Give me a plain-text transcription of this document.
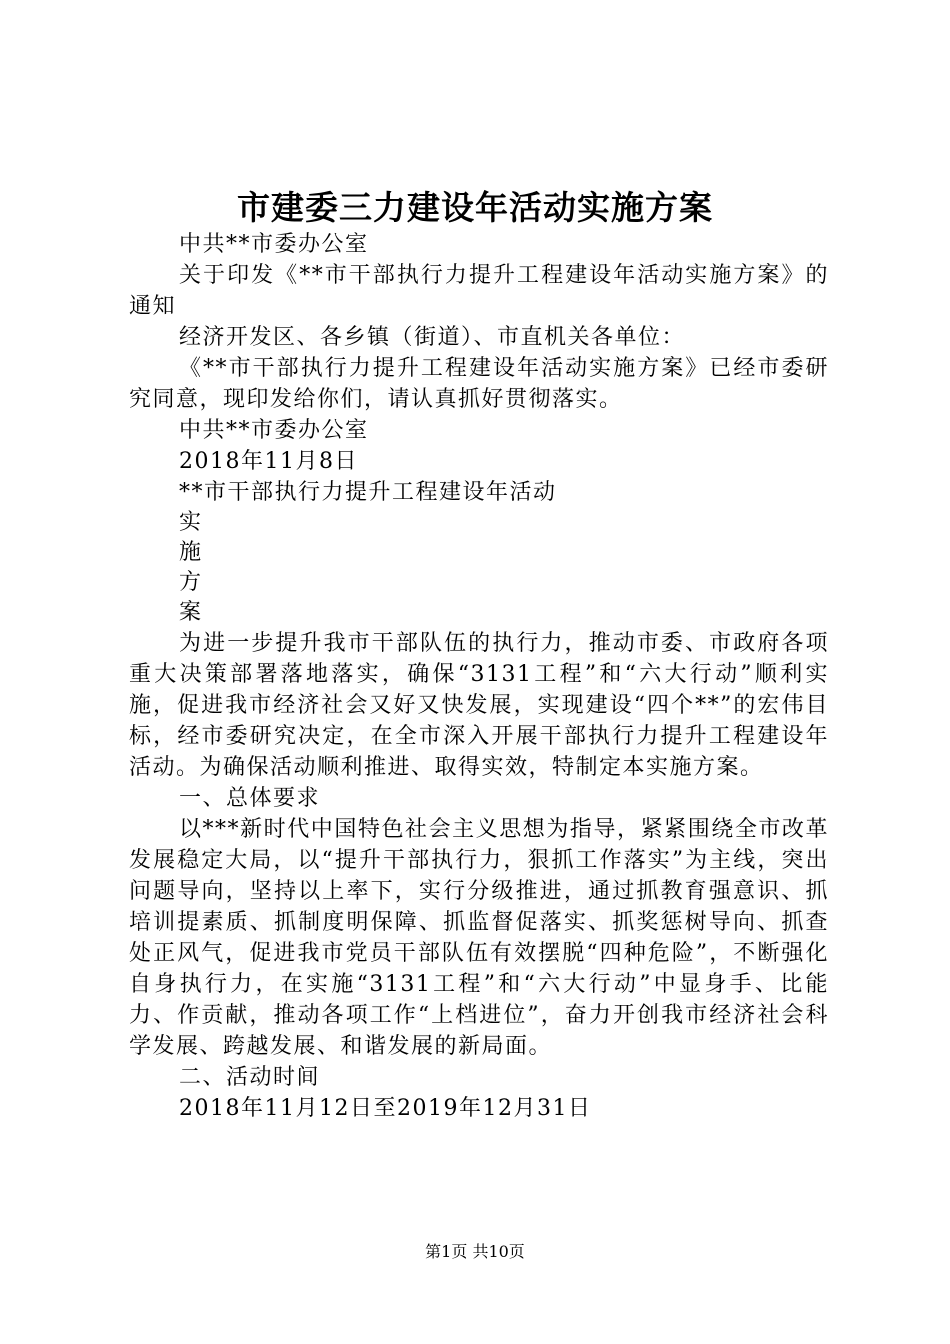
市建委三力建设年活动实施方案

中共**市委办公室

关于印发《**市干部执行力提升工程建设年活动实施方案》的通知

经济开发区、各乡镇（街道）、市直机关各单位：

《**市干部执行力提升工程建设年活动实施方案》已经市委研究同意，现印发给你们，请认真抓好贯彻落实。

中共**市委办公室

2018年11月8日

**市干部执行力提升工程建设年活动

实

施

方

案

为进一步提升我市干部队伍的执行力，推动市委、市政府各项重大决策部署落地落实，确保“3131工程”和“六大行动”顺利实施，促进我市经济社会又好又快发展，实现建设“四个**”的宏伟目标，经市委研究决定，在全市深入开展干部执行力提升工程建设年活动。为确保活动顺利推进、取得实效，特制定本实施方案。

一、总体要求

以***新时代中国特色社会主义思想为指导，紧紧围绕全市改革发展稳定大局，以“提升干部执行力，狠抓工作落实”为主线，突出问题导向，坚持以上率下，实行分级推进，通过抓教育强意识、抓培训提素质、抓制度明保障、抓监督促落实、抓奖惩树导向、抓查处正风气，促进我市党员干部队伍有效摆脱“四种危险”，不断强化自身执行力，在实施“3131工程”和“六大行动”中显身手、比能力、作贡献，推动各项工作“上档进位”，奋力开创我市经济社会科学发展、跨越发展、和谐发展的新局面。

二、活动时间

2018年11月12日至2019年12月31日

第1页 共10页
